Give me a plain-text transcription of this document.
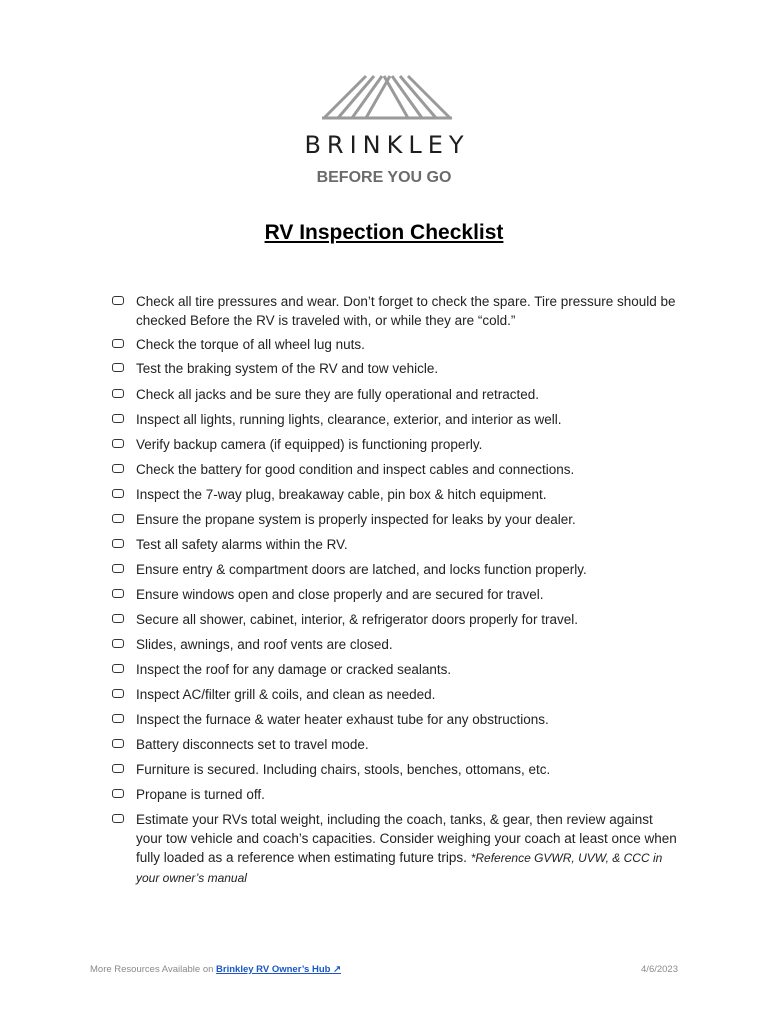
BRINKLEY
BEFORE YOU GO
RV Inspection Checklist
Check all tire pressures and wear. Don’t forget to check the spare. Tire pressure should be checked Before the RV is traveled with, or while they are “cold.”
Check the torque of all wheel lug nuts.
Test the braking system of the RV and tow vehicle.
Check all jacks and be sure they are fully operational and retracted.
Inspect all lights, running lights, clearance, exterior, and interior as well.
Verify backup camera (if equipped) is functioning properly.
Check the battery for good condition and inspect cables and connections.
Inspect the 7-way plug, breakaway cable, pin box & hitch equipment.
Ensure the propane system is properly inspected for leaks by your dealer.
Test all safety alarms within the RV.
Ensure entry & compartment doors are latched, and locks function properly.
Ensure windows open and close properly and are secured for travel.
Secure all shower, cabinet, interior, & refrigerator doors properly for travel.
Slides, awnings, and roof vents are closed.
Inspect the roof for any damage or cracked sealants.
Inspect AC/filter grill & coils, and clean as needed.
Inspect the furnace & water heater exhaust tube for any obstructions.
Battery disconnects set to travel mode.
Furniture is secured. Including chairs, stools, benches, ottomans, etc.
Propane is turned off.
Estimate your RVs total weight, including the coach, tanks, & gear, then review against your tow vehicle and coach’s capacities. Consider weighing your coach at least once when fully loaded as a reference when estimating future trips. *Reference GVWR, UVW, & CCC in your owner’s manual
More Resources Available on Brinkley RV Owner’s Hub ↗	4/6/2023
